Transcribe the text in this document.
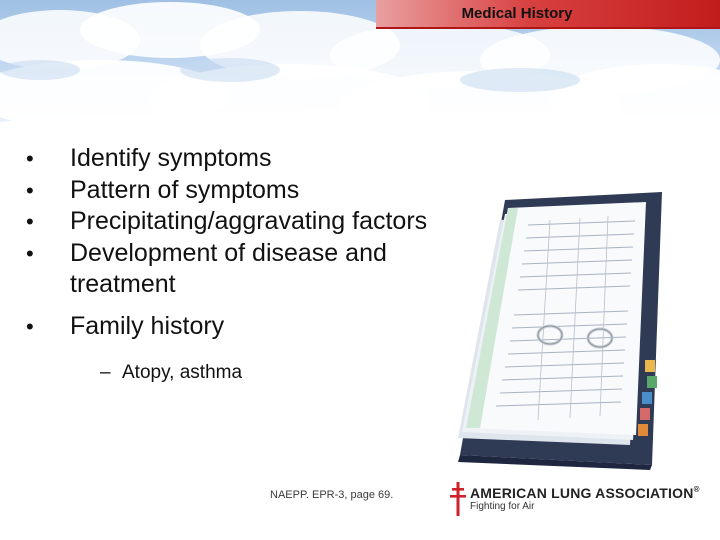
Medical History
• Identify symptoms
• Pattern of symptoms
• Precipitating/aggravating factors
• Development of disease and treatment
• Family history
– Atopy, asthma
NAEPP. EPR-3, page 69.	AMERICAN LUNG ASSOCIATION®
Fighting for Air
